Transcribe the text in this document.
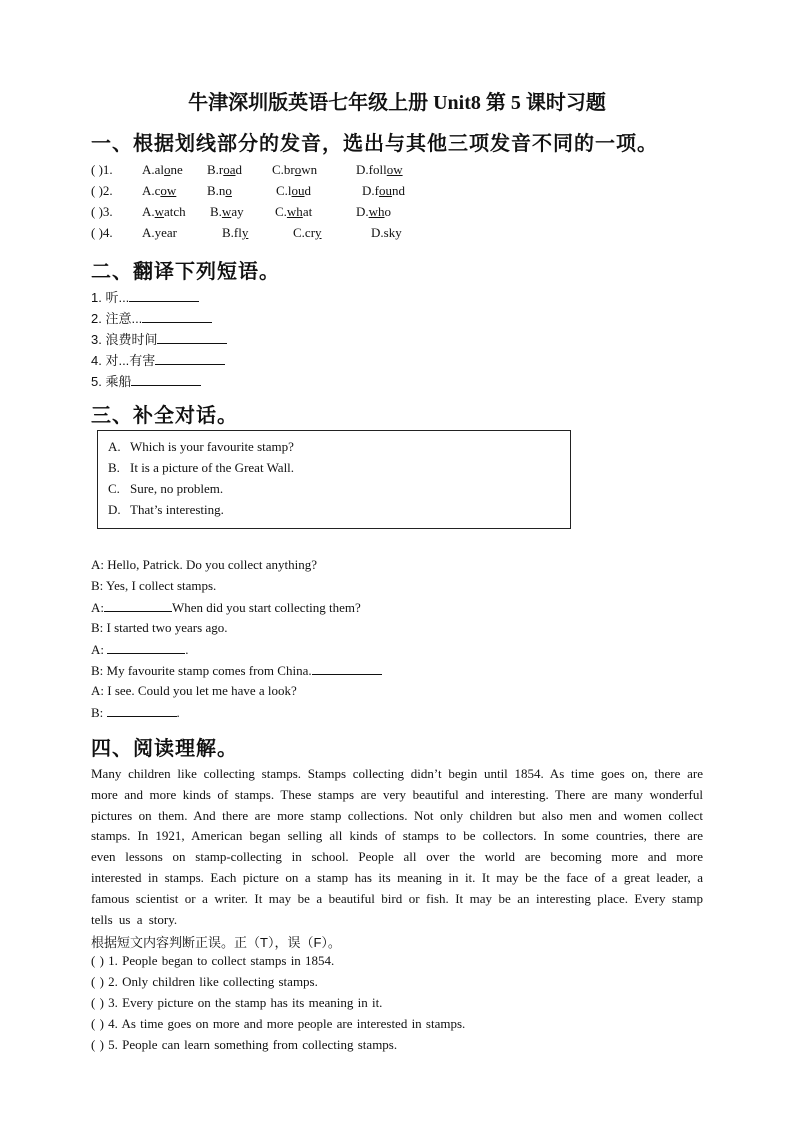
牛津深圳版英语七年级上册 Unit8 第 5 课时习题
一、根据划线部分的发音，选出与其他三项发音不同的一项。
( )1. A.alone B.road C.brown	D.follow
( )2. A.cow B.no	C.loud	D.found
( )3. A.watch B.way C.what	D.who
( )4. A.year	B.fly	C.cry	D.sky
二、翻译下列短语。
1. 听...
2. 注意...
3. 浪费时间
4. 对...有害
5. 乘船
三、补全对话。
A. Which is your favourite stamp?
B. It is a picture of the Great Wall.
C. Sure, no problem.
D. That’s interesting.
A: Hello, Patrick. Do you collect anything?
B: Yes, I collect stamps.
A:	When did you start collecting them?
B: I started two years ago.
A:	.
B: My favourite stamp comes from China.
A: I see. Could you let me have a look?
B:	.
四、阅读理解。
Many children like collecting stamps. Stamps collecting didn’t begin until 1854. As time goes on, there are more and more kinds of stamps. These stamps are very beautiful and interesting. There are many wonderful pictures on them. And there are more stamp collections. Not only children but also men and women collect stamps. In 1921, American began selling all kinds of stamps to be collectors. In some countries, there are even lessons on stamp-collecting in school. People all over the world are becoming more and more interested in stamps. Each picture on a stamp has its meaning in it. It may be the face of a great leader, a famous scientist or a writer. It may be a beautiful bird or fish. It may be an interesting place. Every stamp tells us a story.
根据短文内容判断正误。正（T），误（F）。
( ) 1. People began to collect stamps in 1854.
( ) 2. Only children like collecting stamps.
( ) 3. Every picture on the stamp has its meaning in it.
( ) 4. As time goes on more and more people are interested in stamps.
( ) 5. People can learn something from collecting stamps.
